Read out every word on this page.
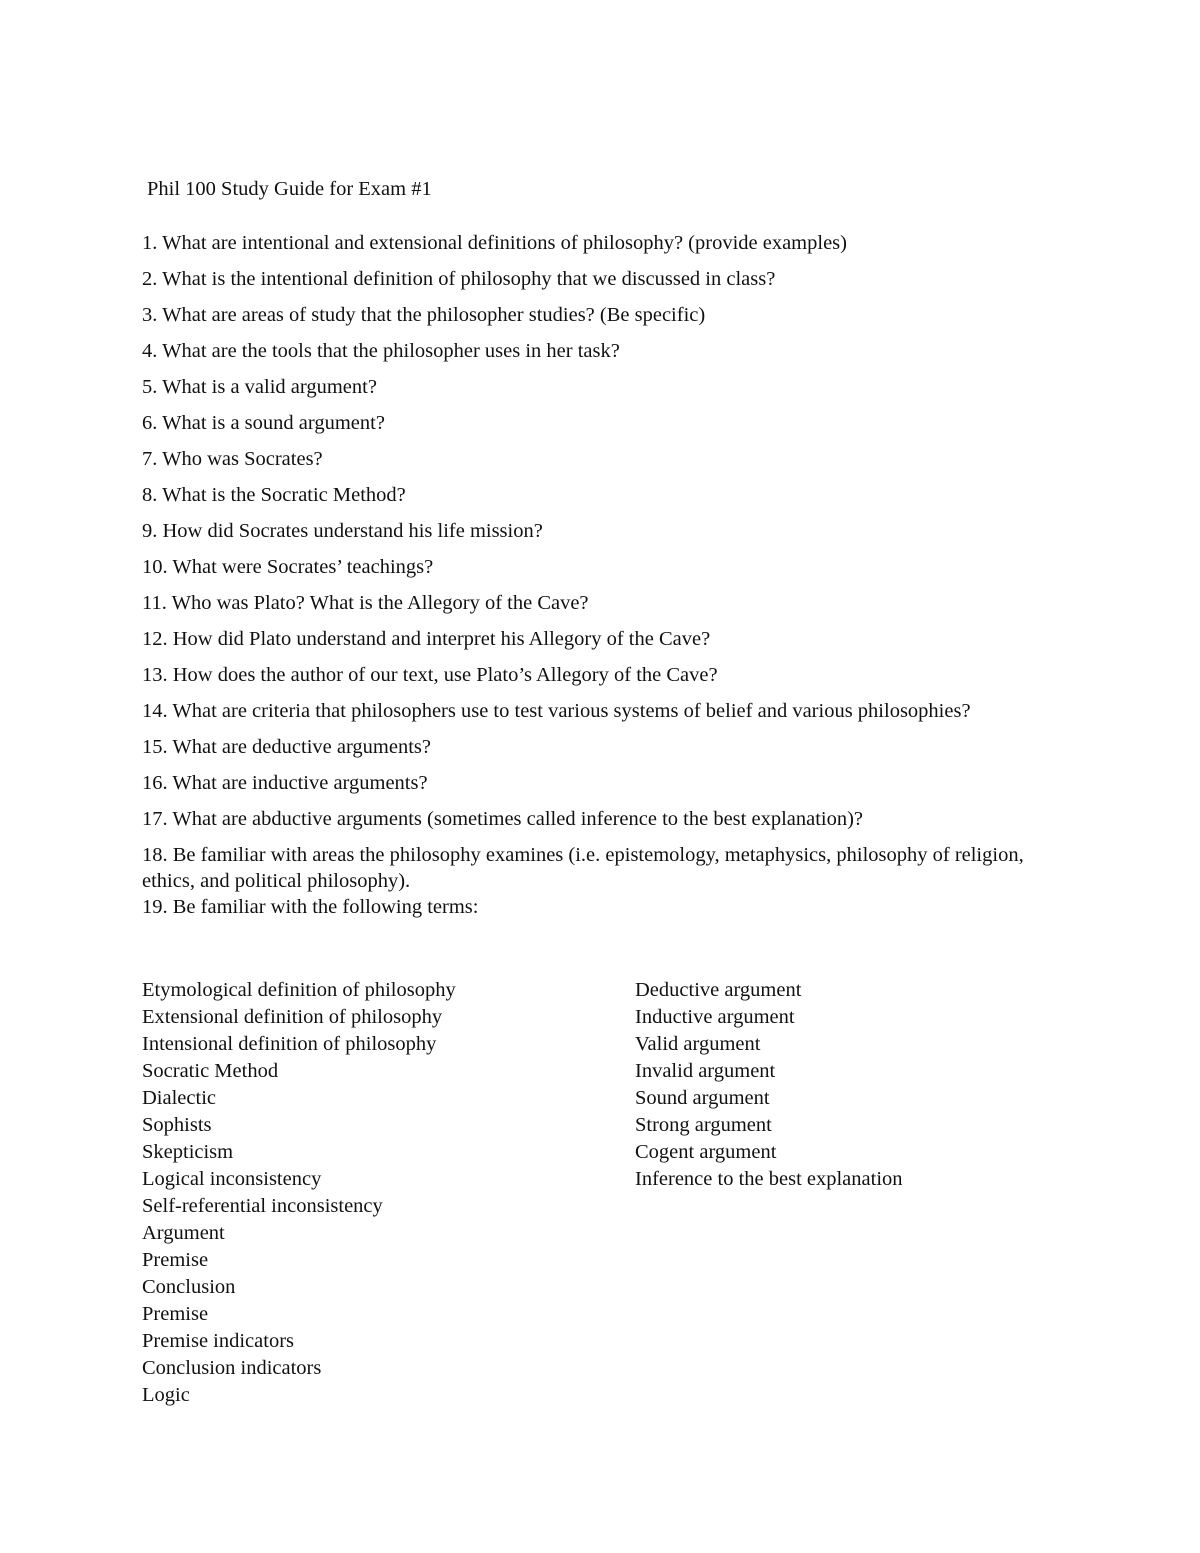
Phil 100 Study Guide for Exam #1
1. What are intentional and extensional definitions of philosophy? (provide examples)
2. What is the intentional definition of philosophy that we discussed in class?
3. What are areas of study that the philosopher studies? (Be specific)
4. What are the tools that the philosopher uses in her task?
5. What is a valid argument?
6. What is a sound argument?
7. Who was Socrates?
8. What is the Socratic Method?
9. How did Socrates understand his life mission?
10. What were Socrates’ teachings?
11. Who was Plato? What is the Allegory of the Cave?
12. How did Plato understand and interpret his Allegory of the Cave?
13. How does the author of our text, use Plato’s Allegory of the Cave?
14. What are criteria that philosophers use to test various systems of belief and various philosophies?
15. What are deductive arguments?
16. What are inductive arguments?
17. What are abductive arguments (sometimes called inference to the best explanation)?
18. Be familiar with areas the philosophy examines (i.e. epistemology, metaphysics, philosophy of religion, ethics, and political philosophy).
19. Be familiar with the following terms:
Etymological definition of philosophy
Extensional definition of philosophy
Intensional definition of philosophy
Socratic Method
Dialectic
Sophists
Skepticism
Logical inconsistency
Self-referential inconsistency
Argument
Premise
Conclusion
Premise
Premise indicators
Conclusion indicators
Logic
Deductive argument
Inductive argument
Valid argument
Invalid argument
Sound argument
Strong argument
Cogent argument
Inference to the best explanation
